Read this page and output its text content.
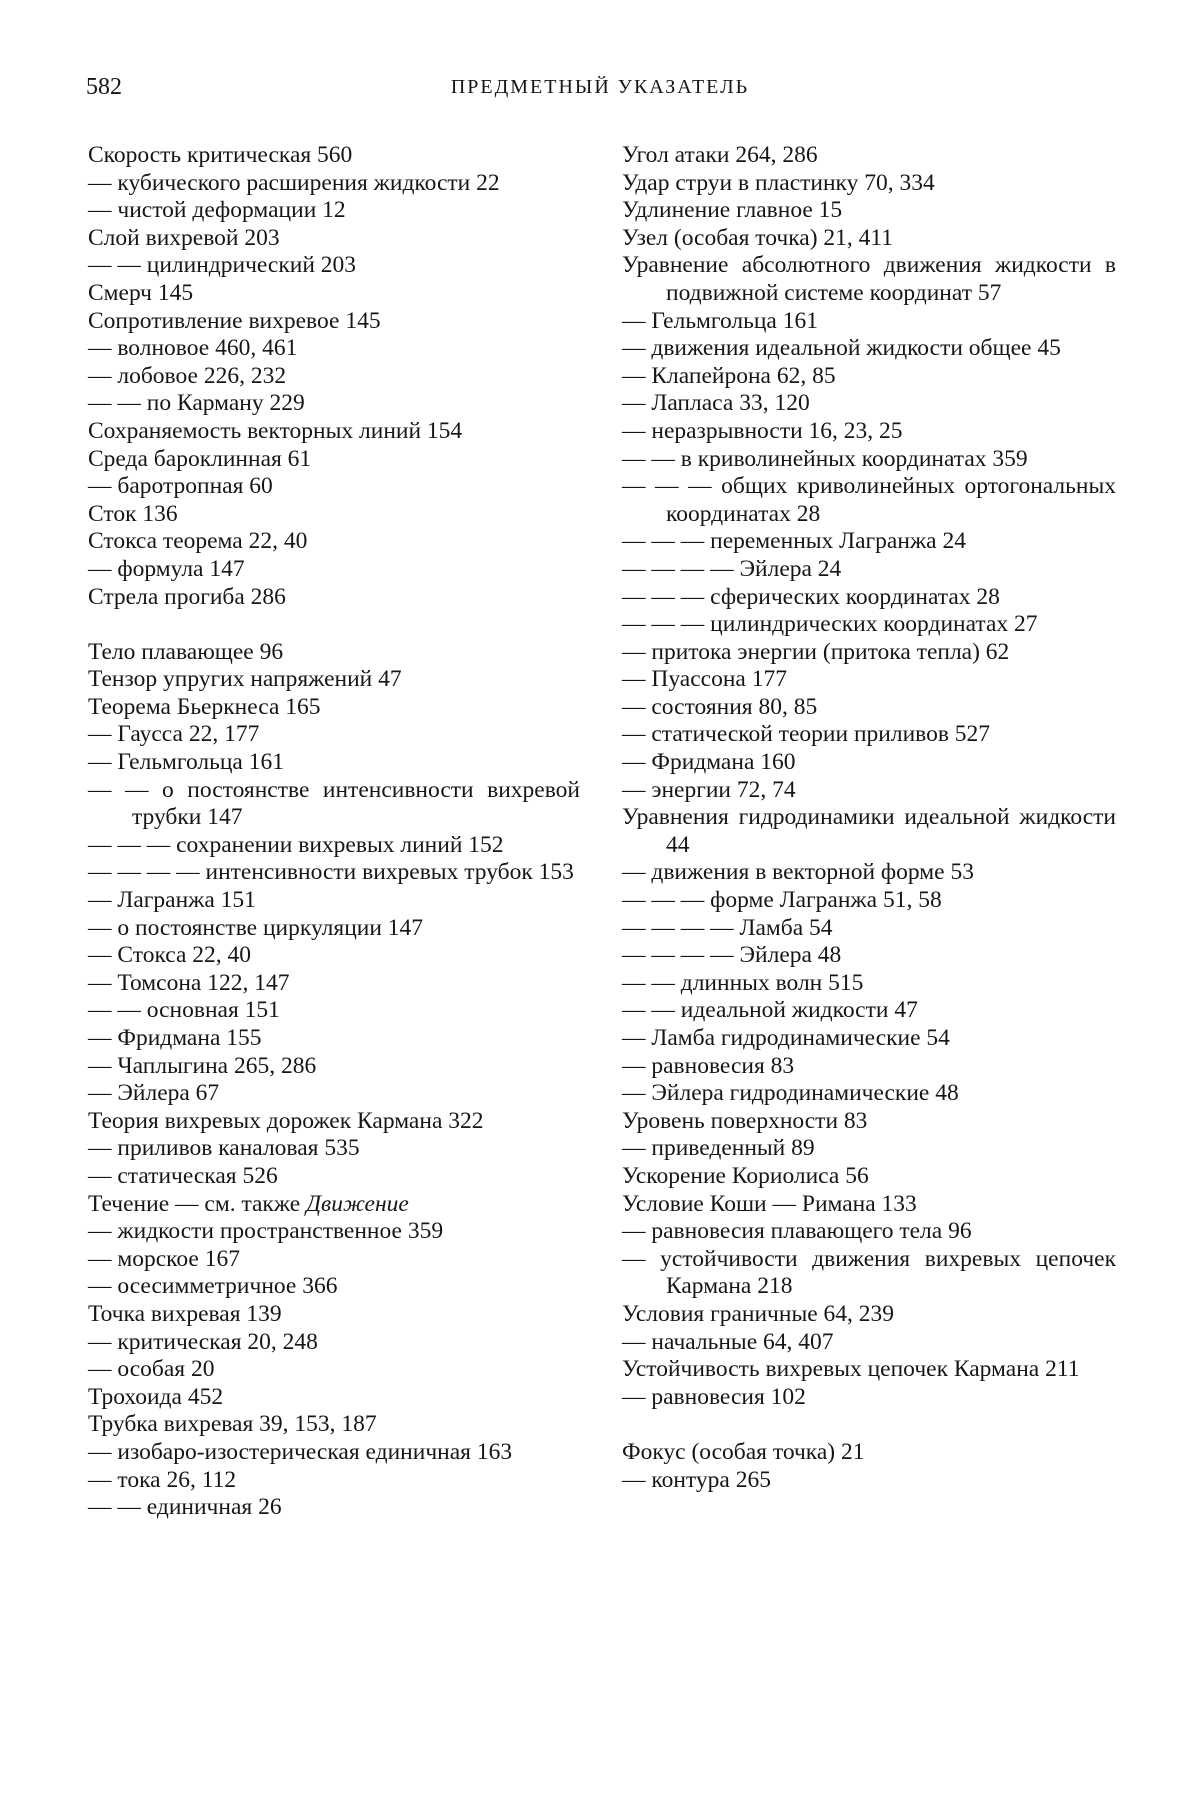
582	ПРЕДМЕТНЫЙ УКАЗАТЕЛЬ

Скорость критическая 560

— кубического расширения жидкости 22

— чистой деформации 12

Слой вихревой 203

— — цилиндрический 203

Смерч 145

Сопротивление вихревое 145

— волновое 460, 461

— лобовое 226, 232

— — по Карману 229

Сохраняемость векторных линий 154

Среда бароклинная 61

— баротропная 60

Сток 136

Стокса теорема 22, 40

— формула 147

Стрела прогиба 286

Тело плавающее 96

Тензор упругих напряжений 47

Теорема Бьеркнеса 165

— Гаусса 22, 177

— Гельмгольца 161

— — о постоянстве интенсивности вихревой трубки 147

— — — сохранении вихревых линий 152

— — — — интенсивности вихревых трубок 153

— Лагранжа 151

— о постоянстве циркуляции 147

— Стокса 22, 40

— Томсона 122, 147

— — основная 151

— Фридмана 155

— Чаплыгина 265, 286

— Эйлера 67

Теория вихревых дорожек Кармана 322

— приливов каналовая 535

— статическая 526

Течение — см. также Движение

— жидкости пространственное 359

— морское 167

— осесимметричное 366

Точка вихревая 139

— критическая 20, 248

— особая 20

Трохоида 452

Трубка вихревая 39, 153, 187

— изобаро-изостерическая единичная 163

— тока 26, 112

— — единичная 26

Угол атаки 264, 286

Удар струи в пластинку 70, 334

Удлинение главное 15

Узел (особая точка) 21, 411

Уравнение абсолютного движения жидкости в подвижной системе координат 57

— Гельмгольца 161

— движения идеальной жидкости общее 45

— Клапейрона 62, 85

— Лапласа 33, 120

— неразрывности 16, 23, 25

— — в криволинейных координатах 359

— — — общих криволинейных ортогональных координатах 28

— — — переменных Лагранжа 24

— — — — Эйлера 24

— — — сферических координатах 28

— — — цилиндрических координатах 27

— притока энергии (притока тепла) 62

— Пуассона 177

— состояния 80, 85

— статической теории приливов 527

— Фридмана 160

— энергии 72, 74

Уравнения гидродинамики идеальной жидкости 44

— движения в векторной форме 53

— — — форме Лагранжа 51, 58

— — — — Ламба 54

— — — — Эйлера 48

— — длинных волн 515

— — идеальной жидкости 47

— Ламба гидродинамические 54

— равновесия 83

— Эйлера гидродинамические 48

Уровень поверхности 83

— приведенный 89

Ускорение Кориолиса 56

Условие Коши — Римана 133

— равновесия плавающего тела 96

— устойчивости движения вихревых цепочек Кармана 218

Условия граничные 64, 239

— начальные 64, 407

Устойчивость вихревых цепочек Кармана 211

— равновесия 102

Фокус (особая точка) 21

— контура 265
